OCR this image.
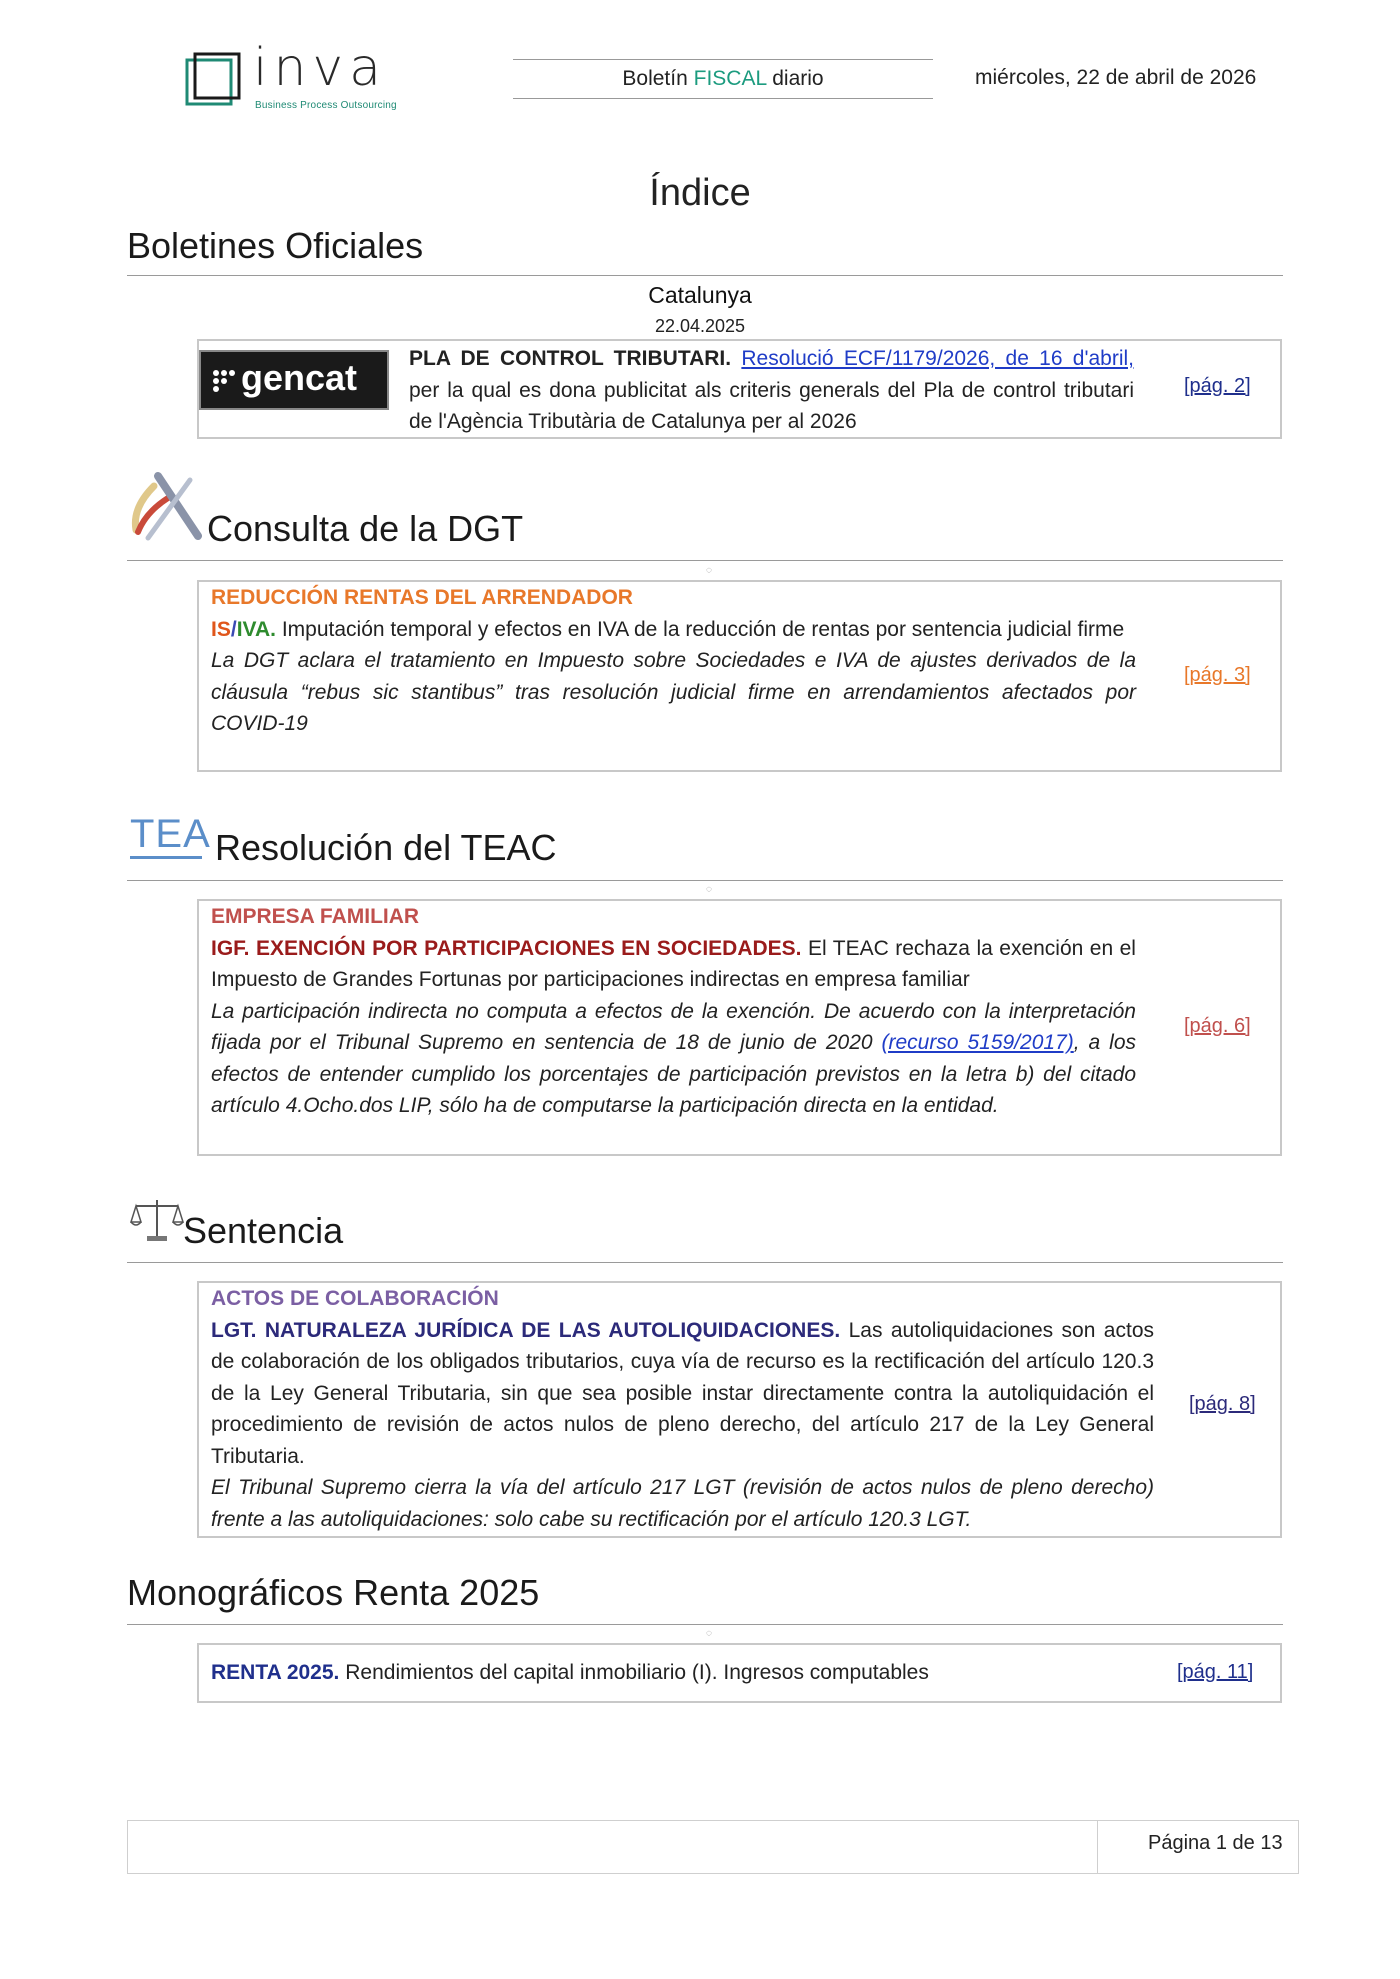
inva
Business Process Outsourcing
Boletín FISCAL diario	miércoles, 22 de abril de 2026
Índice
Boletines Oficiales
Catalunya
22.04.2025
gencat PLA DE CONTROL TRIBUTARI. Resolució ECF/1179/2026, de 16 d'abril, per la qual es dona publicitat als criteris generals del Pla de control tributari de l'Agència Tributària de Catalunya per al 2026
[pág. 2]
Consulta de la DGT
◌
REDUCCIÓN RENTAS DEL ARRENDADOR
IS/IVA. Imputación temporal y efectos en IVA de la reducción de rentas por sentencia judicial firme
La DGT aclara el tratamiento en Impuesto sobre Sociedades e IVA de ajustes derivados de la cláusula “rebus sic stantibus” tras resolución judicial firme en arrendamientos afectados por COVID-19
[pág. 3]
TEA Resolución del TEAC
◌
EMPRESA FAMILIAR
IGF. EXENCIÓN POR PARTICIPACIONES EN SOCIEDADES. El TEAC rechaza la exención en el Impuesto de Grandes Fortunas por participaciones indirectas en empresa familiar
La participación indirecta no computa a efectos de la exención. De acuerdo con la interpretación fijada por el Tribunal Supremo en sentencia de 18 de junio de 2020 (recurso 5159/2017), a los efectos de entender cumplido los porcentajes de participación previstos en la letra b) del citado artículo 4.Ocho.dos LIP, sólo ha de computarse la participación directa en la entidad.
[pág. 6]
Sentencia
ACTOS DE COLABORACIÓN
LGT. NATURALEZA JURÍDICA DE LAS AUTOLIQUIDACIONES. Las autoliquidaciones son actos de colaboración de los obligados tributarios, cuya vía de recurso es la rectificación del artículo 120.3 de la Ley General Tributaria, sin que sea posible instar directamente contra la autoliquidación el procedimiento de revisión de actos nulos de pleno derecho, del artículo 217 de la Ley General Tributaria.
El Tribunal Supremo cierra la vía del artículo 217 LGT (revisión de actos nulos de pleno derecho) frente a las autoliquidaciones: solo cabe su rectificación por el artículo 120.3 LGT.
[pág. 8]
Monográficos Renta 2025
◌
RENTA 2025. Rendimientos del capital inmobiliario (I). Ingresos computables	[pág. 11]
Página 1 de 13
